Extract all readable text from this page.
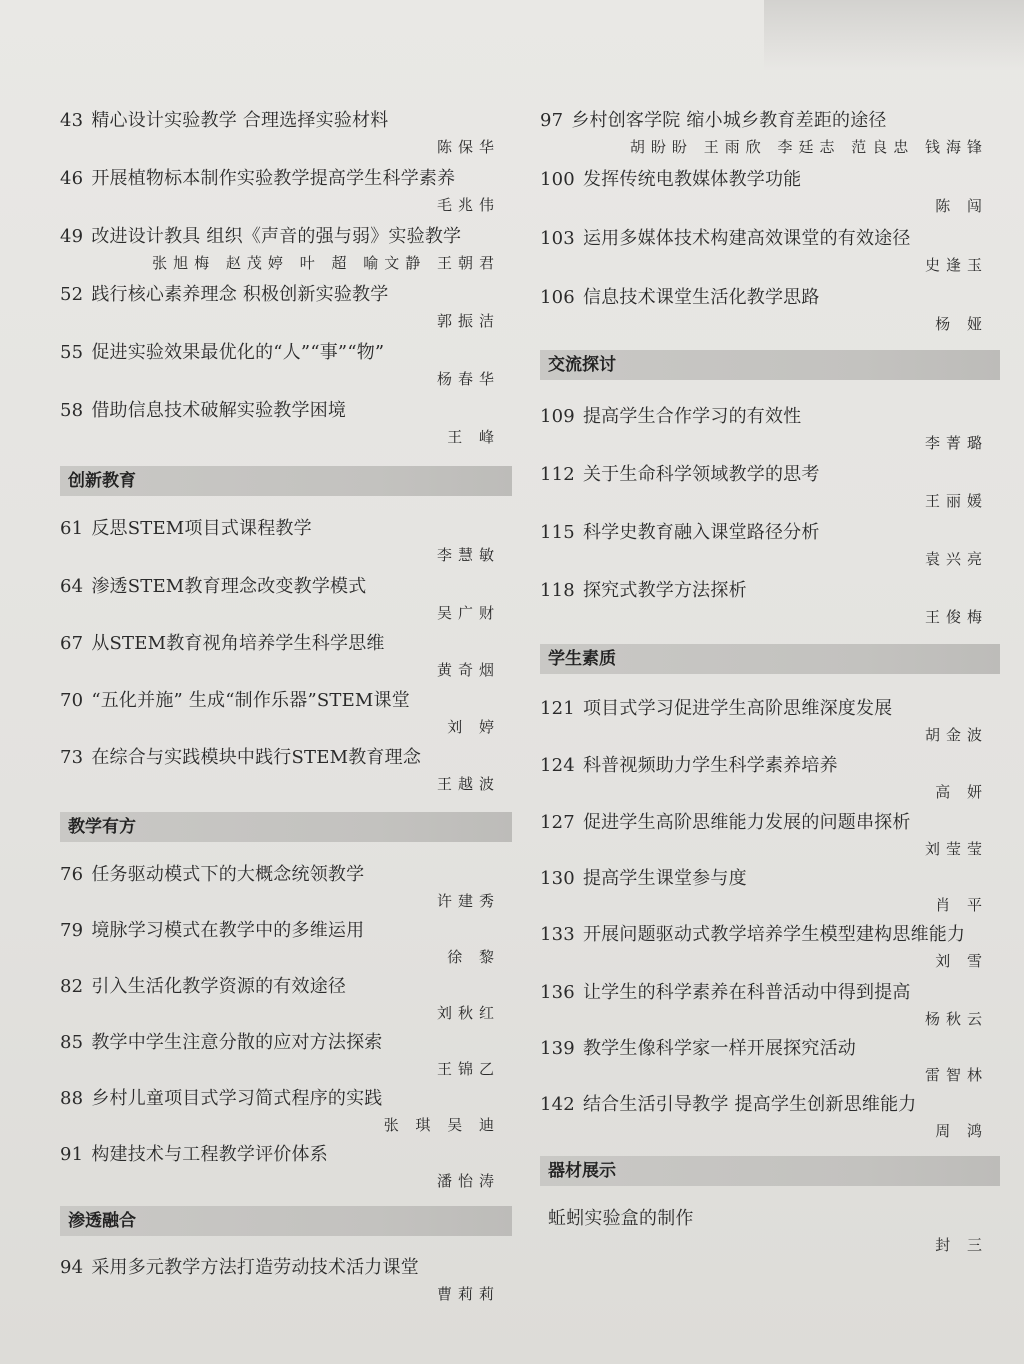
43 精心设计实验教学 合理选择实验材料
陈保华
46 开展植物标本制作实验教学提高学生科学素养
毛兆伟
49 改进设计教具 组织《声音的强与弱》实验教学
张旭梅 赵茂婷 叶 超 喻文静 王朝君
52 践行核心素养理念 积极创新实验教学
郭振洁
55 促进实验效果最优化的“人”“事”“物”
杨春华
58 借助信息技术破解实验教学困境
王 峰
创新教育
61 反思STEM项目式课程教学
李慧敏
64 渗透STEM教育理念改变教学模式
吴广财
67 从STEM教育视角培养学生科学思维
黄奇烟
70 “五化并施” 生成“制作乐器”STEM课堂
刘 婷
73 在综合与实践模块中践行STEM教育理念
王越波
教学有方
76 任务驱动模式下的大概念统领教学
许建秀
79 境脉学习模式在教学中的多维运用
徐 黎
82 引入生活化教学资源的有效途径
刘秋红
85 教学中学生注意分散的应对方法探索
王锦乙
88 乡村儿童项目式学习简式程序的实践
张 琪 吴 迪
91 构建技术与工程教学评价体系
潘怡涛
渗透融合
94 采用多元教学方法打造劳动技术活力课堂
曹莉莉
97 乡村创客学院 缩小城乡教育差距的途径
胡盼盼 王雨欣 李廷志 范良忠 钱海锋
100 发挥传统电教媒体教学功能
陈 闯
103 运用多媒体技术构建高效课堂的有效途径
史逢玉
106 信息技术课堂生活化教学思路
杨 娅
交流探讨
109 提高学生合作学习的有效性
李菁璐
112 关于生命科学领域教学的思考
王丽媛
115 科学史教育融入课堂路径分析
袁兴亮
118 探究式教学方法探析
王俊梅
学生素质
121 项目式学习促进学生高阶思维深度发展
胡金波
124 科普视频助力学生科学素养培养
高 妍
127 促进学生高阶思维能力发展的问题串探析
刘莹莹
130 提高学生课堂参与度
肖 平
133 开展问题驱动式教学培养学生模型建构思维能力
刘 雪
136 让学生的科学素养在科普活动中得到提高
杨秋云
139 教学生像科学家一样开展探究活动
雷智林
142 结合生活引导教学 提高学生创新思维能力
周 鸿
器材展示
蚯蚓实验盒的制作
封 三
